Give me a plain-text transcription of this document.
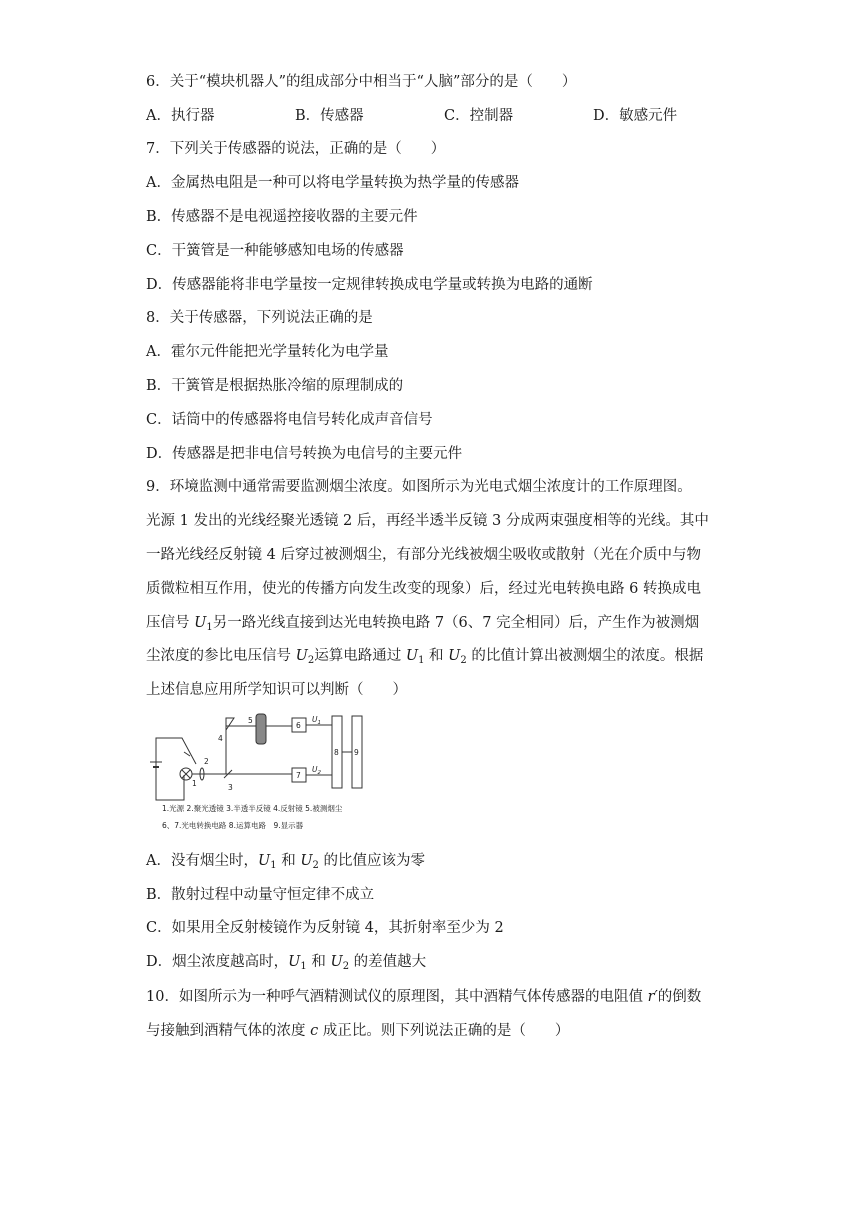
6．关于“模块机器人”的组成部分中相当于“人脑”部分的是（　　）
A．执行器	B．传感器	C．控制器	D．敏感元件
7．下列关于传感器的说法，正确的是（　　）
A．金属热电阻是一种可以将电学量转换为热学量的传感器
B．传感器不是电视遥控接收器的主要元件
C．干簧管是一种能够感知电场的传感器
D．传感器能将非电学量按一定规律转换成电学量或转换为电路的通断
8．关于传感器，下列说法正确的是
A．霍尔元件能把光学量转化为电学量
B．干簧管是根据热胀冷缩的原理制成的
C．话筒中的传感器将电信号转化成声音信号
D．传感器是把非电信号转换为电信号的主要元件
9．环境监测中通常需要监测烟尘浓度。如图所示为光电式烟尘浓度计的工作原理图。
光源 1 发出的光线经聚光透镜 2 后，再经半透半反镜 3 分成两束强度相等的光线。其中
一路光线经反射镜 4 后穿过被测烟尘，有部分光线被烟尘吸收或散射（光在介质中与物
质微粒相互作用，使光的传播方向发生改变的现象）后，经过光电转换电路 6 转换成电
压信号 $U_1$另一路光线直接到达光电转换电路 7（6、7 完全相同）后，产生作为被测烟
尘浓度的参比电压信号 $U_2$运算电路通过 $U_1$ 和 $U_2$ 的比值计算出被测烟尘的浓度。根据
上述信息应用所学知识可以判断（　　）
1
2
3
4
5
6
7
8 9
$U_1$
$U_2$
1.光源 2.聚光透镜 3.半透半反镜 4.反射镜 5.被测烟尘
6、7.光电转换电路 8.运算电路　9.显示器
A．没有烟尘时，$U_1$ 和 $U_2$ 的比值应该为零
B．散射过程中动量守恒定律不成立
C．如果用全反射棱镜作为反射镜 4，其折射率至少为 2
D．烟尘浓度越高时，$U_1$ 和 $U_2$ 的差值越大
10．如图所示为一种呼气酒精测试仪的原理图，其中酒精气体传感器的电阻值 r′的倒数
与接触到酒精气体的浓度 c 成正比。则下列说法正确的是（　　）
